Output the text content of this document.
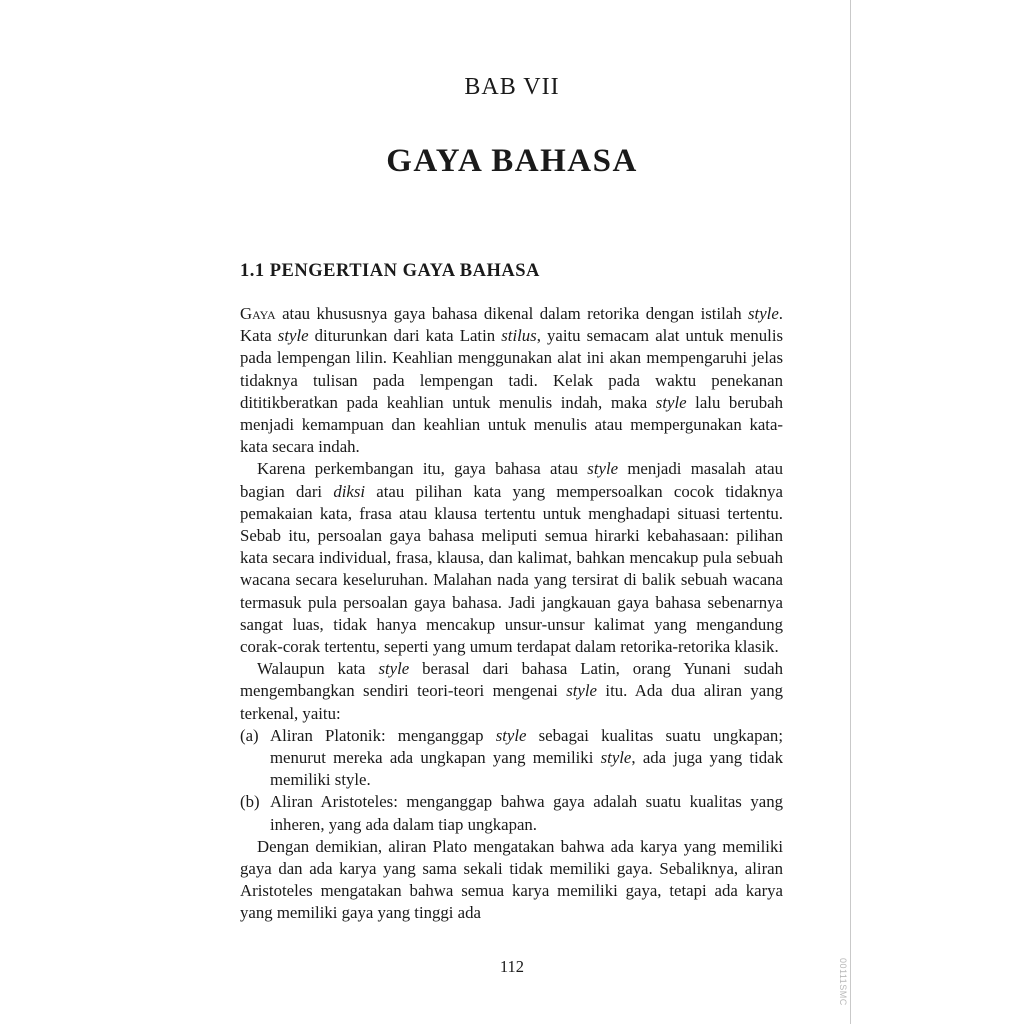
00111SMC
BAB VII
GAYA BAHASA
1.1 PENGERTIAN GAYA BAHASA

Gaya atau khususnya gaya bahasa dikenal dalam retorika dengan istilah style. Kata style diturunkan dari kata Latin stilus, yaitu semacam alat untuk menulis pada lempengan lilin. Keahlian menggunakan alat ini akan mempengaruhi jelas tidaknya tulisan pada lempengan tadi. Kelak pada waktu penekanan dititikberatkan pada keahlian untuk menulis indah, maka style lalu berubah menjadi kemampuan dan keahlian untuk menulis atau mempergunakan kata-kata secara indah.

Karena perkembangan itu, gaya bahasa atau style menjadi masalah atau bagian dari diksi atau pilihan kata yang mempersoalkan cocok tidaknya pemakaian kata, frasa atau klausa tertentu untuk menghadapi situasi tertentu. Sebab itu, persoalan gaya bahasa meliputi semua hirarki kebahasaan: pilihan kata secara individual, frasa, klausa, dan kalimat, bahkan mencakup pula sebuah wacana secara keseluruhan. Malahan nada yang tersirat di balik sebuah wacana termasuk pula persoalan gaya bahasa. Jadi jangkauan gaya bahasa sebenarnya sangat luas, tidak hanya mencakup unsur-unsur kalimat yang mengandung corak-corak tertentu, seperti yang umum terdapat dalam retorika-retorika klasik.

Walaupun kata style berasal dari bahasa Latin, orang Yunani sudah mengembangkan sendiri teori-teori mengenai style itu. Ada dua aliran yang terkenal, yaitu:

(a) Aliran Platonik: menganggap style sebagai kualitas suatu ungkapan; menurut mereka ada ungkapan yang memiliki style, ada juga yang tidak memiliki style.
(b) Aliran Aristoteles: menganggap bahwa gaya adalah suatu kualitas yang inheren, yang ada dalam tiap ungkapan.

Dengan demikian, aliran Plato mengatakan bahwa ada karya yang memiliki gaya dan ada karya yang sama sekali tidak memiliki gaya. Sebaliknya, aliran Aristoteles mengatakan bahwa semua karya memiliki gaya, tetapi ada karya yang memiliki gaya yang tinggi ada

112
